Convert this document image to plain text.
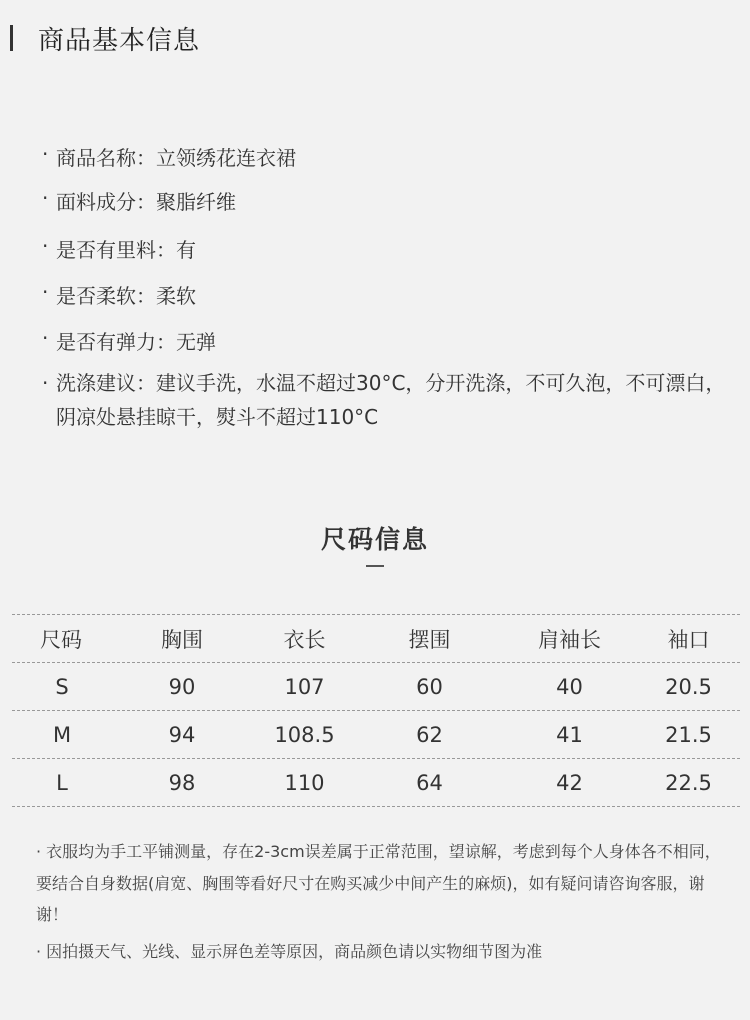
商品基本信息
· 商品名称： 立领绣花连衣裙
· 面料成分： 聚脂纤维
· 是否有里料： 有
· 是否柔软： 柔软
· 是否有弹力： 无弹
· 洗涤建议：建议手洗，水温不超过30°C，分开洗涤，不可久泡，不可漂白，阴凉处悬挂晾干，熨斗不超过110°C
尺码信息
尺码	胸围	衣长	摆围	肩袖长	袖口
S	90	107	60	40	20.5
M	94	108.5	62	41	21.5
L	98	110	64	42	22.5
· 衣服均为手工平铺测量，存在2-3cm误差属于正常范围，望谅解，考虑到每个人身体各不相同，要结合自身数据(肩宽、胸围等看好尺寸在购买减少中间产生的麻烦)，如有疑问请咨询客服，谢谢！
· 因拍摄天气、光线、显示屏色差等原因，商品颜色请以实物细节图为准
